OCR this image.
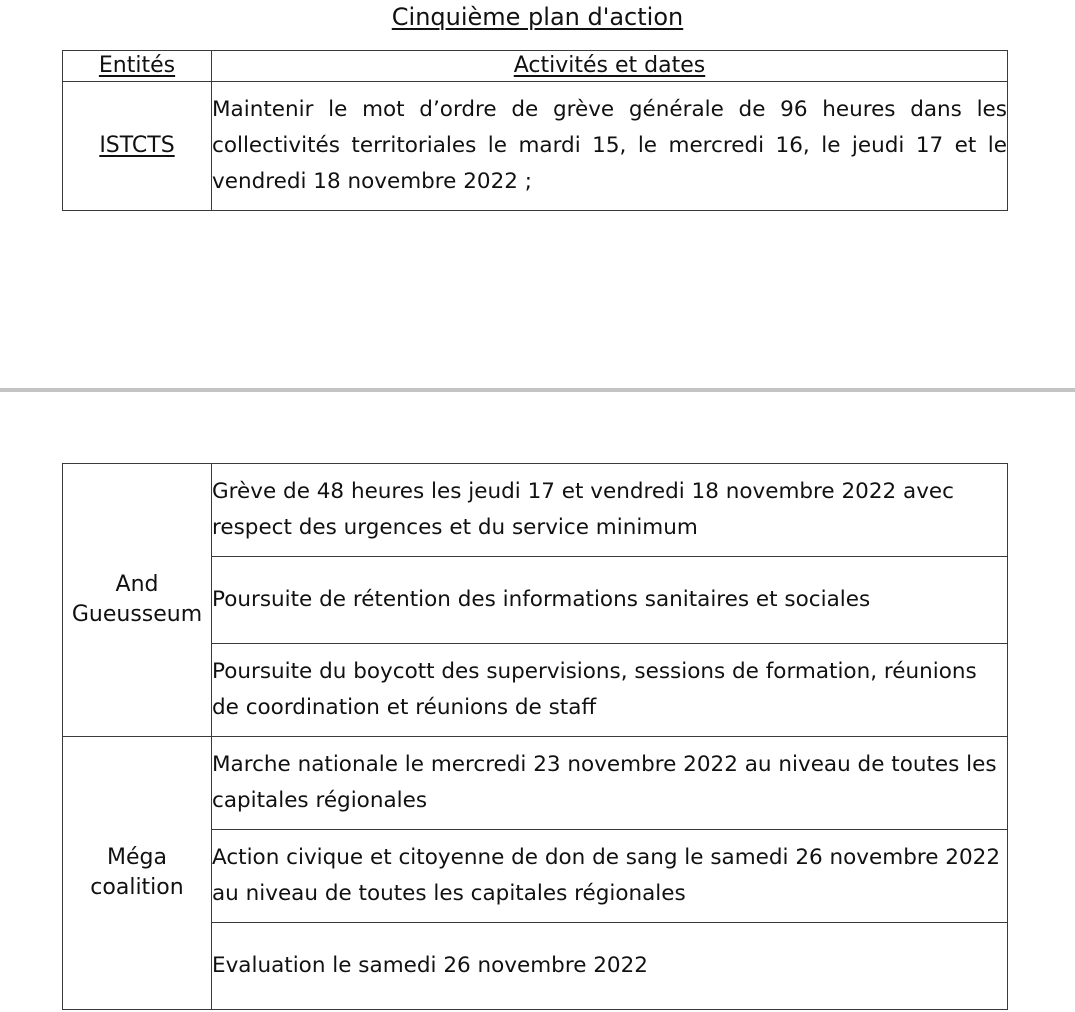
Cinquième plan d'action
Entités	Activités et dates
ISTCTS	Maintenir le mot d’ordre de grève générale de 96 heures dans les collectivités territoriales le mardi 15, le mercredi 16, le jeudi 17 et le vendredi 18 novembre 2022 ;
And
Gueusseum	Grève de 48 heures les jeudi 17 et vendredi 18 novembre 2022 avec respect des urgences et du service minimum
	Poursuite de rétention des informations sanitaires et sociales
	Poursuite du boycott des supervisions, sessions de formation, réunions de coordination et réunions de staff

Méga
coalition	Marche nationale le mercredi 23 novembre 2022 au niveau de toutes les capitales régionales
	Action civique et citoyenne de don de sang le samedi 26 novembre 2022 au niveau de toutes les capitales régionales
	Evaluation le samedi 26 novembre 2022
